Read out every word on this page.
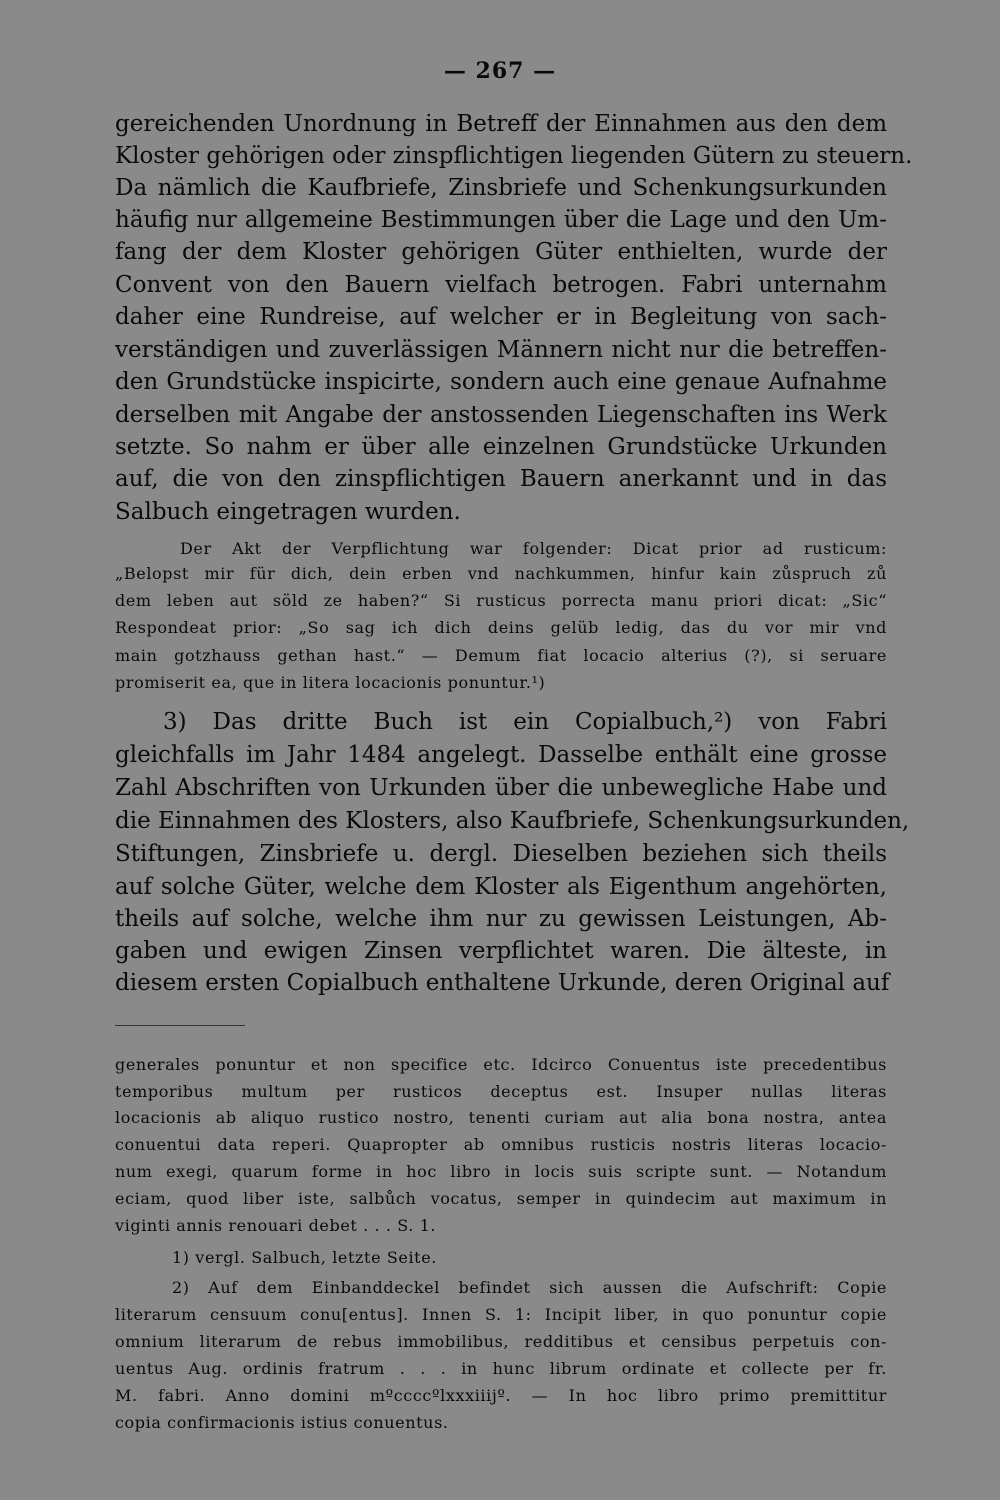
— 267 —
gereichenden Unordnung in Betreff der Einnahmen aus den dem
Kloster gehörigen oder zinspflichtigen liegenden Gütern zu steuern.
Da nämlich die Kaufbriefe, Zinsbriefe und Schenkungsurkunden
häufig nur allgemeine Bestimmungen über die Lage und den Um-
fang der dem Kloster gehörigen Güter enthielten, wurde der
Convent von den Bauern vielfach betrogen. Fabri unternahm
daher eine Rundreise, auf welcher er in Begleitung von sach-
verständigen und zuverlässigen Männern nicht nur die betreffen-
den Grundstücke inspicirte, sondern auch eine genaue Aufnahme
derselben mit Angabe der anstossenden Liegenschaften ins Werk
setzte. So nahm er über alle einzelnen Grundstücke Urkunden
auf, die von den zinspflichtigen Bauern anerkannt und in das
Salbuch eingetragen wurden.
Der Akt der Verpflichtung war folgender: Dicat prior ad rusticum:
„Belopst mir für dich, dein erben vnd nachkummen, hinfur kain zůspruch zů
dem leben aut söld ze haben?“ Si rusticus porrecta manu priori dicat: „Sic“
Respondeat prior: „So sag ich dich deins gelüb ledig, das du vor mir vnd
main gotzhauss gethan hast.“ — Demum fiat locacio alterius (?), si seruare
promiserit ea, que in litera locacionis ponuntur.¹)
3) Das dritte Buch ist ein Copialbuch,²) von Fabri
gleichfalls im Jahr 1484 angelegt. Dasselbe enthält eine grosse
Zahl Abschriften von Urkunden über die unbewegliche Habe und
die Einnahmen des Klosters, also Kaufbriefe, Schenkungsurkunden,
Stiftungen, Zinsbriefe u. dergl. Dieselben beziehen sich theils
auf solche Güter, welche dem Kloster als Eigenthum angehörten,
theils auf solche, welche ihm nur zu gewissen Leistungen, Ab-
gaben und ewigen Zinsen verpflichtet waren. Die älteste, in
diesem ersten Copialbuch enthaltene Urkunde, deren Original auf
generales ponuntur et non specifice etc. Idcirco Conuentus iste precedentibus
temporibus multum per rusticos deceptus est. Insuper nullas literas
locacionis ab aliquo rustico nostro, tenenti curiam aut alia bona nostra, antea
conuentui data reperi. Quapropter ab omnibus rusticis nostris literas locacio-
num exegi, quarum forme in hoc libro in locis suis scripte sunt. — Notandum
eciam, quod liber iste, salbůch vocatus, semper in quindecim aut maximum in
viginti annis renouari debet . . . S. 1.
1) vergl. Salbuch, letzte Seite.
2) Auf dem Einbanddeckel befindet sich aussen die Aufschrift: Copie
literarum censuum conu[entus]. Innen S. 1: Incipit liber, in quo ponuntur copie
omnium literarum de rebus immobilibus, redditibus et censibus perpetuis con-
uentus Aug. ordinis fratrum . . . in hunc librum ordinate et collecte per fr.
M. fabri. Anno domini mºccccºlxxxiiijº. — In hoc libro primo premittitur
copia confirmacionis istius conuentus.
